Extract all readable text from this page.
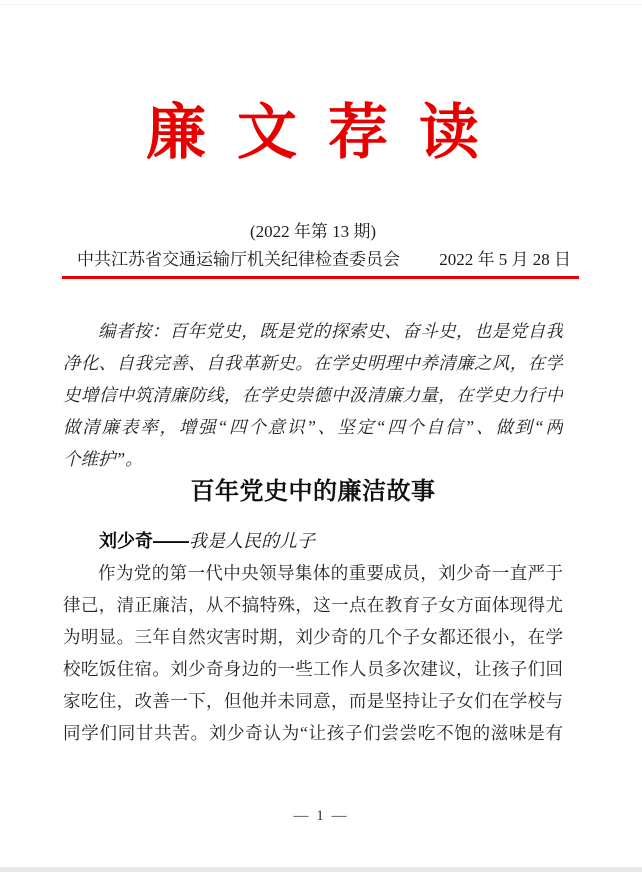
廉 文 荐 读
(2022 年第 13 期)
中共江苏省交通运输厅机关纪律检查委员会 2022 年 5 月 28 日
编者按：百年党史，既是党的探索史、奋斗史，也是党自我
净化、自我完善、自我革新史。在学史明理中养清廉之风，在学
史增信中筑清廉防线，在学史崇德中汲清廉力量，在学史力行中
做清廉表率，增强“四个意识”、坚定“四个自信”、做到“两
个维护”。
百年党史中的廉洁故事
刘少奇——我是人民的儿子
作为党的第一代中央领导集体的重要成员，刘少奇一直严于
律己，清正廉洁，从不搞特殊，这一点在教育子女方面体现得尤
为明显。三年自然灾害时期，刘少奇的几个子女都还很小，在学
校吃饭住宿。刘少奇身边的一些工作人员多次建议，让孩子们回
家吃住，改善一下，但他并未同意，而是坚持让子女们在学校与
同学们同甘共苦。刘少奇认为“让孩子们尝尝吃不饱的滋味是有
— 1 —
